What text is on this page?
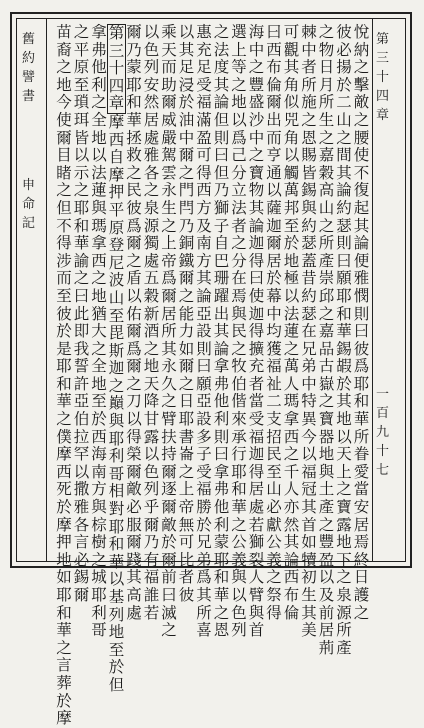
舊約譬書
申命記
第三十四章
一百九十七
悅
納
之
擊
敵
之
腰
使
不
復
起
其
論
便
雅
憫
則
曰
彼
爲
耶
和
華
所
眷
愛
當
安
居
焉
終
日
護
之
彼
必
揚
於
二
山
之
間
其
論
約
瑟
則
曰
願
耶
和
華
錫
嘏
於
其
地
以
天
上
之
寶
露
地
下
之
泉
源
所
產
之
物
日
月
所
生
之
嘉
穀
高
山
之
所
產
崇
邱
之
嘉
品
古
嶽
之
寶
器
地
與
土
產
之
豐
盈
以
及
前
居
荊
棘
中
者
所
施
之
恩
賜
皆
錫
與
約
瑟
蓋
昔
約
瑟
在
兄
弟
中
特
異
今
以
福
冠
其
首
如
犢
初
生
其
美
可
觀
其
角
似
兕
角
以
觸
萬
邦
至
於
地
極
以
法
蓮
之
萬
人
瑪
拿
西
之
千
人
亦
然
其
論
西
布
倫
曰
西
布
倫
爾
出
而
亨
通
以
薩
迦
爾
居
於
幕
中
均
獲
福
祉
二
支
招
民
至
山
必
獻
公
義
之
祭
得
海
中
之
豐
盛
沙
中
之
寶
物
其
論
迦
得
曰
使
迦
得
擴
充
者
當
受
福
迦
得
居
處
若
獅
裂
人
臂
與
首
選
上
等
之
地
以
爲
己
分
立
法
者
之
分
在
焉
與
民
之
牧
伯
偕
來
承
行
耶
和
華
之
公
義
與
以
色
列
之
法
度
其
論
但
則
曰
但
乃
獅
子
自
巴
珊
躍
出
其
論
拿
弗
他
利
則
曰
拿
弗
他
利
蒙
耶
和
華
之
恩
惠
充
足
受
福
滿
盈
可
得
西
方
及
南
方
其
論
亞
設
則
曰
願
亞
設
多
子
受
福
勝
於
兄
弟
爲
其
所
喜
以
其
足
浸
於
油
中
爾
之
門
閂
乃
銅
鐵
爾
之
能
力
如
爾
之
日
耶
書
崙
之
上
帝
無
可
比
者
彼
乘
天
而
助
爾
威
嚴
駕
雲
永
生
之
上
帝
爲
爾
居
所
其
永
久
之
臂
扶
持
爾
逐
爾
敵
於
爾
前
曰
滅
之
以
色
列
安
然
居
處
雅
各
之
泉
源
獨
處
五
穀
新
酒
之
地
天
降
甘
露
以
色
列
乎
爾
乃
有
福
誰
若
爾
乃
蒙
耶
和
華
拯
救
之
民
彼
爲
爾
之
盾
以
佑
爾
爲
爾
之
刀
以
得
榮
爾
敵
必
服
爾
踐
其
高
處
第
三
十
四
章
摩
西
自
摩
押
平
原
登
尼
波
山
至
毘
斯
迦
之
巔
與
耶
利
哥
相
對
耶
和
華
以
基
列
地
至
於
但
拿
弗
他
利
之
全
地
以
法
蓮
與
瑪
拿
西
之
地
猶
大
之
全
地
至
於
西
海
南
方
與
棕
樹
之
城
耶
利
哥
之
平
原
至
瑣
珥
皆
以
示
之
耶
和
華
諭
之
曰
此
即
我
誓
許
亞
伯
拉
罕
以
撒
雅
各
言
必
錫
爾
苗
裔
之
地
今
使
爾
目
睹
之
但
不
得
涉
而
至
彼
於
是
耶
和
華
之
僕
摩
西
死
於
摩
押
地
如
耶
和
華
之
言
葬
於
摩
